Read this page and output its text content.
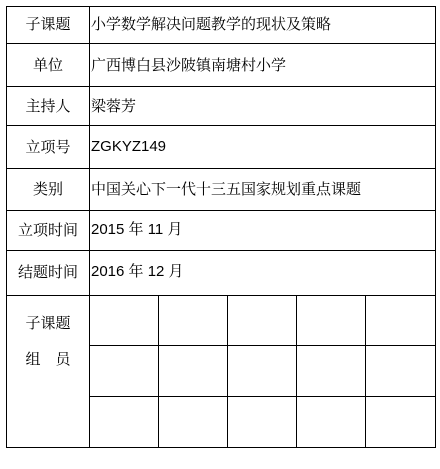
子课题
单位
主持人
立项号
类别
立项时间
结题时间
小学数学解决问题教学的现状及策略
广西博白县沙陂镇南塘村小学
梁蓉芳
ZGKYZ149
中国关心下一代十三五国家规划重点课题
2015 年 11 月
2016 年 12 月
子课题
组　员
